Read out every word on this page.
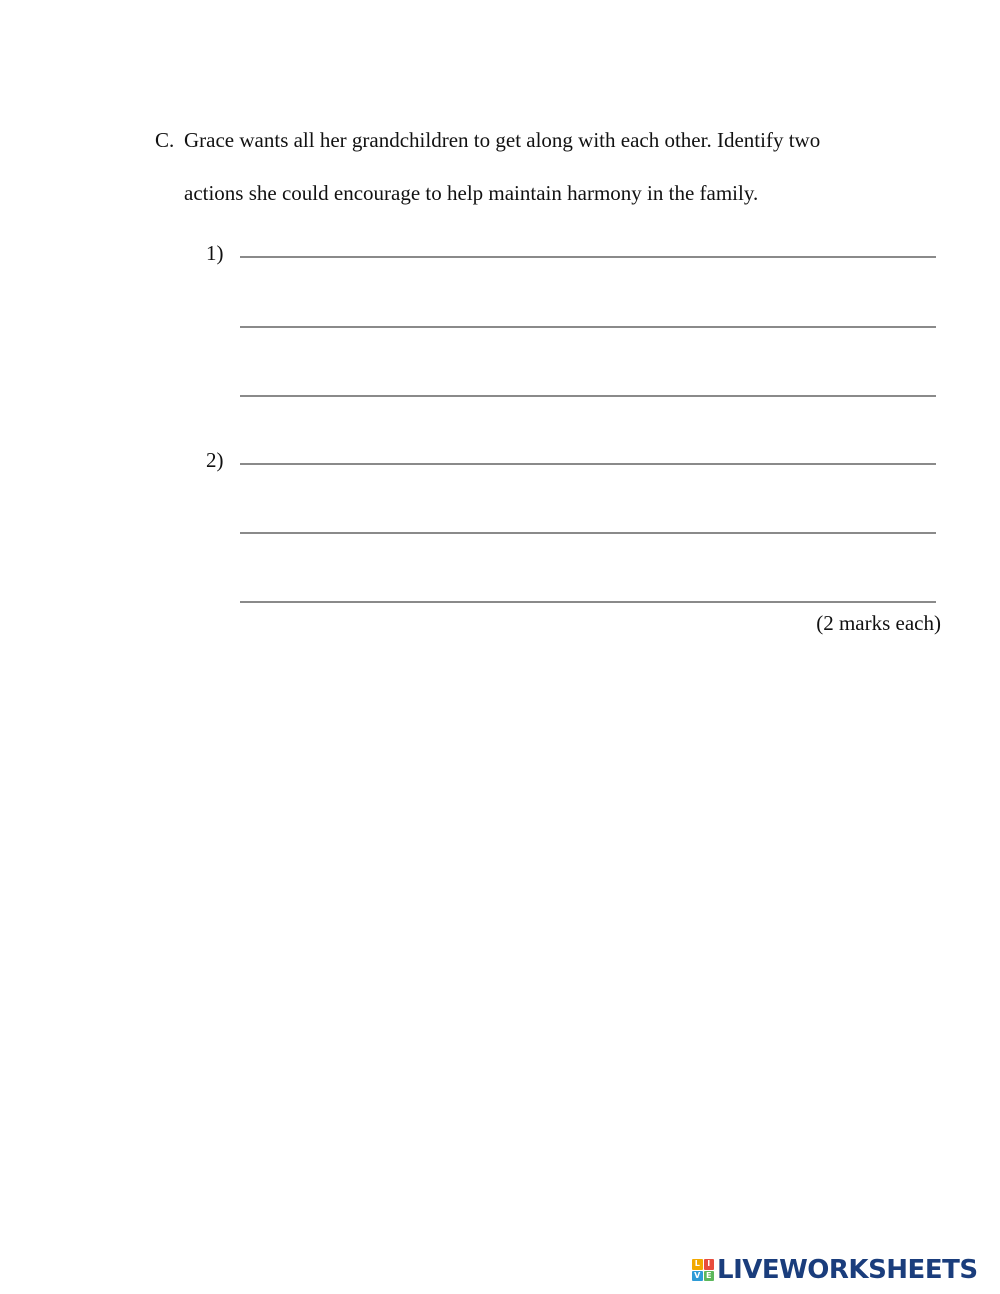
C. Grace wants all her grandchildren to get along with each other. Identify two
actions she could encourage to help maintain harmony in the family.
1)
2)
(2 marks each)
L I
V E LIVEWORKSHEETS
